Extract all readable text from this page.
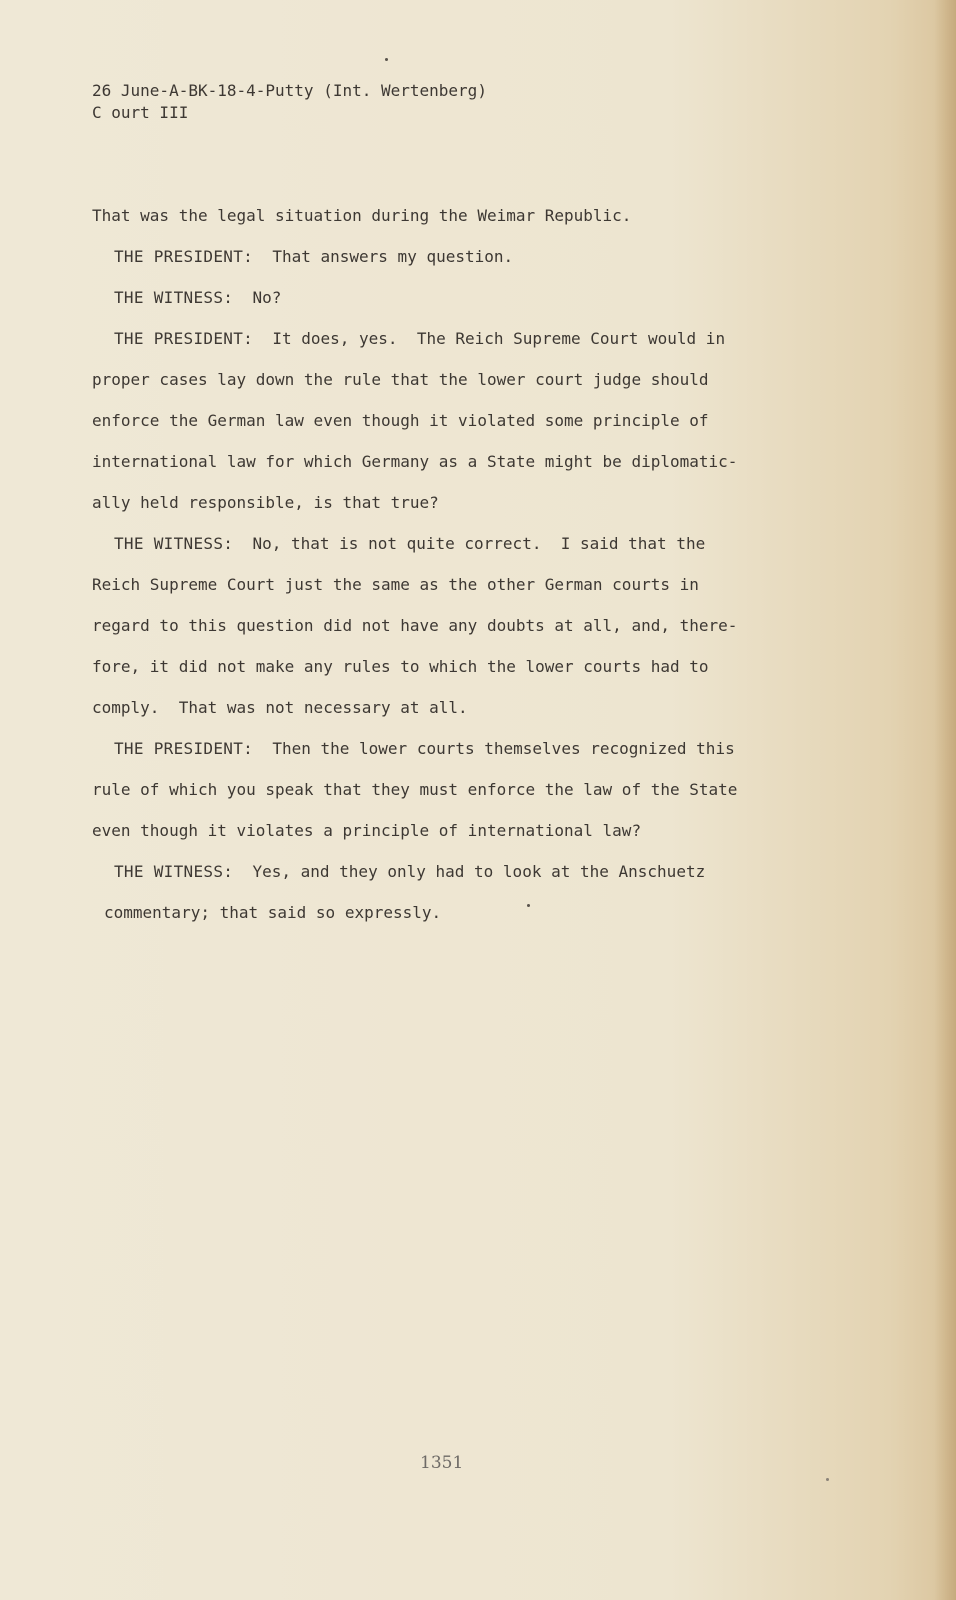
26 June-A-BK-18-4-Putty (Int. Wertenberg)
C ourt III
That was the legal situation during the Weimar Republic.
THE PRESIDENT: That answers my question.
THE WITNESS: No?
THE PRESIDENT: It does, yes.  The Reich Supreme Court would in
proper cases lay down the rule that the lower court judge should
enforce the German law even though it violated some principle of
international law for which Germany as a State might be diplomatic-
ally held responsible, is that true?
THE WITNESS: No, that is not quite correct.  I said that the
Reich Supreme Court just the same as the other German courts in
regard to this question did not have any doubts at all, and, there-
fore, it did not make any rules to which the lower courts had to
comply.  That was not necessary at all.
THE PRESIDENT: Then the lower courts themselves recognized this
rule of which you speak that they must enforce the law of the State
even though it violates a principle of international law?
THE WITNESS: Yes, and they only had to look at the Anschuetz
commentary; that said so expressly.
1351
